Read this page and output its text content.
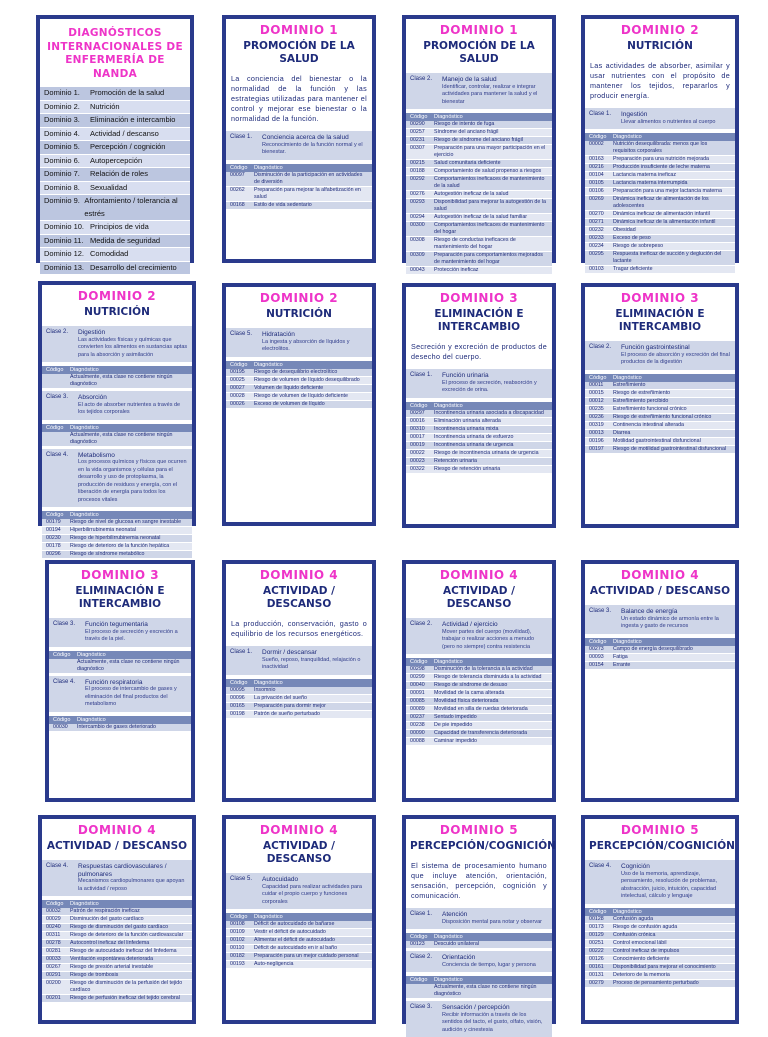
DIAGNÓSTICOS INTERNACIONALES DE ENFERMERÍA DE NANDA
Dominio 1.	Promoción de la salud
Dominio 2.	Nutrición
Dominio 3.	Eliminación e intercambio
Dominio 4.	Actividad / descanso
Dominio 5.	Percepción / cognición
Dominio 6.	Autopercepción
Dominio 7.	Relación de roles
Dominio 8.	Sexualidad
Dominio 9. Afrontamiento / tolerancia al estrés
Dominio 10. Principios de vida
Dominio 11. Medida de seguridad
Dominio 12. Comodidad
Dominio 13. Desarrollo del crecimiento
DOMINIO 1
PROMOCIÓN DE LA SALUD
La conciencia del bienestar o la normalidad de la función y las estrategias utilizadas para mantener el control y mejorar ese bienestar o la normalidad de la función.
Clase 1.	Conciencia acerca de la salud
Reconocimiento de la función normal y el bienestar.
Código	Diagnóstico
00097	Disminución de la participación en actividades de diversión
00262	Preparación para mejorar la alfabetización en salud
00168	Estilo de vida sedentario
DOMINIO 1
PROMOCIÓN DE LA SALUD
Clase 2.	Manejo de la salud
Identificar, controlar, realizar e integrar actividades para mantener la salud y el bienestar
Código	Diagnóstico
00290	Riesgo de intento de fuga
00257	Síndrome del anciano frágil
00231	Riesgo de síndrome del anciano frágil
00307	Preparación para una mayor participación en el ejercicio
00215	Salud comunitaria deficiente
00188	Comportamiento de salud propenso a riesgos
00292	Comportamientos ineficaces de mantenimiento de la salud
00276	Autogestión ineficaz de la salud
00293	Disponibilidad para mejorar la autogestión de la salud
00294	Autogestión ineficaz de la salud familiar
00300	Comportamientos ineficaces de mantenimiento del hogar
00308	Riesgo de conductas ineficaces de mantenimiento del hogar
00309	Preparación para comportamientos mejorados de mantenimiento del hogar
00043	Protección ineficaz
DOMINIO 2
NUTRICIÓN
Las actividades de absorber, asimilar y usar nutrientes con el propósito de mantener los tejidos, repararlos y producir energía.
Clase 1.	Ingestión
Llevar alimentos o nutrientes al cuerpo
Código	Diagnóstico
00002	Nutrición desequilibrada: menos que los requisitos corporales
00163	Preparación para una nutrición mejorada
00216	Producción insuficiente de leche materna
00104	Lactancia materna ineficaz
00105	Lactancia materna interrumpida
00106	Preparación para una mejor lactancia materna
00269	Dinámica ineficaz de alimentación de los adolescentes
00270	Dinámica ineficaz de alimentación infantil
00271	Dinámica ineficaz de la alimentación infantil
00232	Obesidad
00233	Exceso de peso
00234	Riesgo de sobrepeso
00295	Respuesta ineficaz de succión y deglución del lactante
00103	Tragar deficiente
DOMINIO 2
NUTRICIÓN
Clase 2.	Digestión
Las actividades físicas y químicas que convierten los alimentos en sustancias aptas para la absorción y asimilación
Código	Diagnóstico
Actualmente, esta clase no contiene ningún diagnóstico
Clase 3.	Absorción
El acto de absorber nutrientes a través de los tejidos corporales
Código	Diagnóstico
Actualmente, esta clase no contiene ningún diagnóstico
Clase 4.	Metabolismo
Los procesos químicos y físicos que ocurren en la vida organismos y células para el desarrollo y uso de protoplasma, la producción de residuos y energía, con el liberación de energía para todos los procesos vitales
Código	Diagnóstico
00179	Riesgo de nivel de glucosa en sangre inestable
00194	Hiperbilirrubinemia neonatal
00230	Riesgo de hiperbilirrubinemia neonatal
00178	Riesgo de deterioro de la función hepática
00296	Riesgo de síndrome metabólico
DOMINIO 2
NUTRICIÓN
Clase 5.	Hidratación
La ingesta y absorción de líquidos y electrolitos.
Código	Diagnóstico
00195	Riesgo de desequilibrio electrolítico
00025	Riesgo de volumen de líquido desequilibrado
00027	Volumen de líquido deficiente
00028	Riesgo de volumen de líquido deficiente
00026	Exceso de volumen de líquido
DOMINIO 3
ELIMINACIÓN E INTERCAMBIO
Secreción y excreción de productos de desecho del cuerpo.
Clase 1.	Función urinaria
El proceso de secreción, reabsorción y excreción de orina.
Código	Diagnóstico
00297	Incontinencia urinaria asociada a discapacidad
00016	Eliminación urinaria alterada
00310	Incontinencia urinaria mixta
00017	Incontinencia urinaria de esfuerzo
00019	Incontinencia urinaria de urgencia
00022	Riesgo de incontinencia urinaria de urgencia
00023	Retención urinaria
00322	Riesgo de retención urinaria
DOMINIO 3
ELIMINACIÓN E INTERCAMBIO
Clase 2.	Función gastrointestinal
El proceso de absorción y excreción del final productos de la digestión
Código	Diagnóstico
00011	Estreñimiento
00015	Riesgo de estreñimiento
00012	Estreñimiento percibido
00235	Estreñimiento funcional crónico
00236	Riesgo de estreñimiento funcional crónico
00319	Continencia intestinal alterada
00013	Diarrea
00196	Motilidad gastrointestinal disfuncional
00197	Riesgo de motilidad gastrointestinal disfuncional
DOMINIO 3
ELIMINACIÓN E INTERCAMBIO
Clase 3.	Función tegumentaria
El proceso de secreción y excreción a través de la piel.
Código	Diagnóstico
Actualmente, esta clase no contiene ningún diagnóstico
Clase 4.	Función respiratoria
El proceso de intercambio de gases y eliminación del final productos del metabolismo
Código	Diagnóstico
00030	Intercambio de gases deteriorado
DOMINIO 4
ACTIVIDAD / DESCANSO
La producción, conservación, gasto o equilibrio de los recursos energéticos.
Clase 1.	Dormir / descansar
Sueño, reposo, tranquilidad, relajación o inactividad
Código	Diagnóstico
00095	Insomnio
00096	La privación del sueño
00165	Preparación para dormir mejor
00198	Patrón de sueño perturbado
DOMINIO 4
ACTIVIDAD / DESCANSO
Clase 2.	Actividad / ejercicio
Mover partes del cuerpo (movilidad), trabajar o realizar acciones a menudo (pero no siempre) contra resistencia
Código	Diagnóstico
00298	Disminución de la tolerancia a la actividad
00299	Riesgo de tolerancia disminuida a la actividad
00040	Riesgo de síndrome de desuso
00091	Movilidad de la cama alterada
00085	Movilidad física deteriorada
00089	Movilidad en silla de ruedas deteriorada
00237	Sentado impedido
00238	De pie impedido
00090	Capacidad de transferencia deteriorada
00088	Caminar impedido
DOMINIO 4
ACTIVIDAD / DESCANSO
Clase 3.	Balance de energía
Un estado dinámico de armonía entre la ingesta y gasto de recursos
Código	Diagnóstico
00273	Campo de energía desequilibrado
00093	Fatiga
00154	Errante
DOMINIO 4
ACTIVIDAD / DESCANSO
Clase 4.	Respuestas cardiovasculares / pulmonares
Mecanismos cardiopulmonares que apoyan la actividad / reposo
Código	Diagnóstico
00032	Patrón de respiración ineficaz
00029	Disminución del gasto cardíaco
00240	Riesgo de disminución del gasto cardíaco
00311	Riesgo de deterioro de la función cardiovascular
00278	Autocontrol ineficaz del linfedema
00281	Riesgo de autocuidado ineficaz del linfedema
00033	Ventilación espontánea deteriorada
00267	Riesgo de presión arterial inestable
00291	Riesgo de trombosis
00200	Riesgo de disminución de la perfusión del tejido cardíaco
00201	Riesgo de perfusión ineficaz del tejido cerebral
DOMINIO 4
ACTIVIDAD / DESCANSO
Clase 5.	Autocuidado
Capacidad para realizar actividades para cuidar el propio cuerpo y funciones corporales
Código	Diagnóstico
00108	Déficit de autocuidado de bañarse
00109	Vestir el déficit de autocuidado
00102	Alimentar el déficit de autocuidado
00110	Déficit de autocuidado en ir al baño
00182	Preparación para un mejor cuidado personal
00193	Auto-negligencia
DOMINIO 5
PERCEPCIÓN/COGNICIÓN
El sistema de procesamiento humano que incluye atención, orientación, sensación, percepción, cognición y comunicación.
Clase 1.	Atención
Disposición mental para notar y observar
Código	Diagnóstico
00123	Descuido unilateral
Clase 2.	Orientación
Conciencia de tiempo, lugar y persona
Código	Diagnóstico
Actualmente, esta clase no contiene ningún diagnóstico
Clase 3.	Sensación / percepción
Recibir información a través de los sentidos del tacto, el gusto, olfato, visión, audición y cinestesia
DOMINIO 5
PERCEPCIÓN/COGNICIÓN
Clase 4.	Cognición
Uso de la memoria, aprendizaje, pensamiento, resolución de problemas, abstracción, juicio, intuición, capacidad intelectual, cálculo y lenguaje
Código	Diagnóstico
00128	Confusión aguda
00173	Riesgo de confusión aguda
00129	Confusión crónica
00251	Control emocional lábil
00222	Control ineficaz de impulsos
00126	Conocimiento deficiente
00161	Disponibilidad para mejorar el conocimiento
00131	Deterioro de la memoria
00279	Proceso de pensamiento perturbado
